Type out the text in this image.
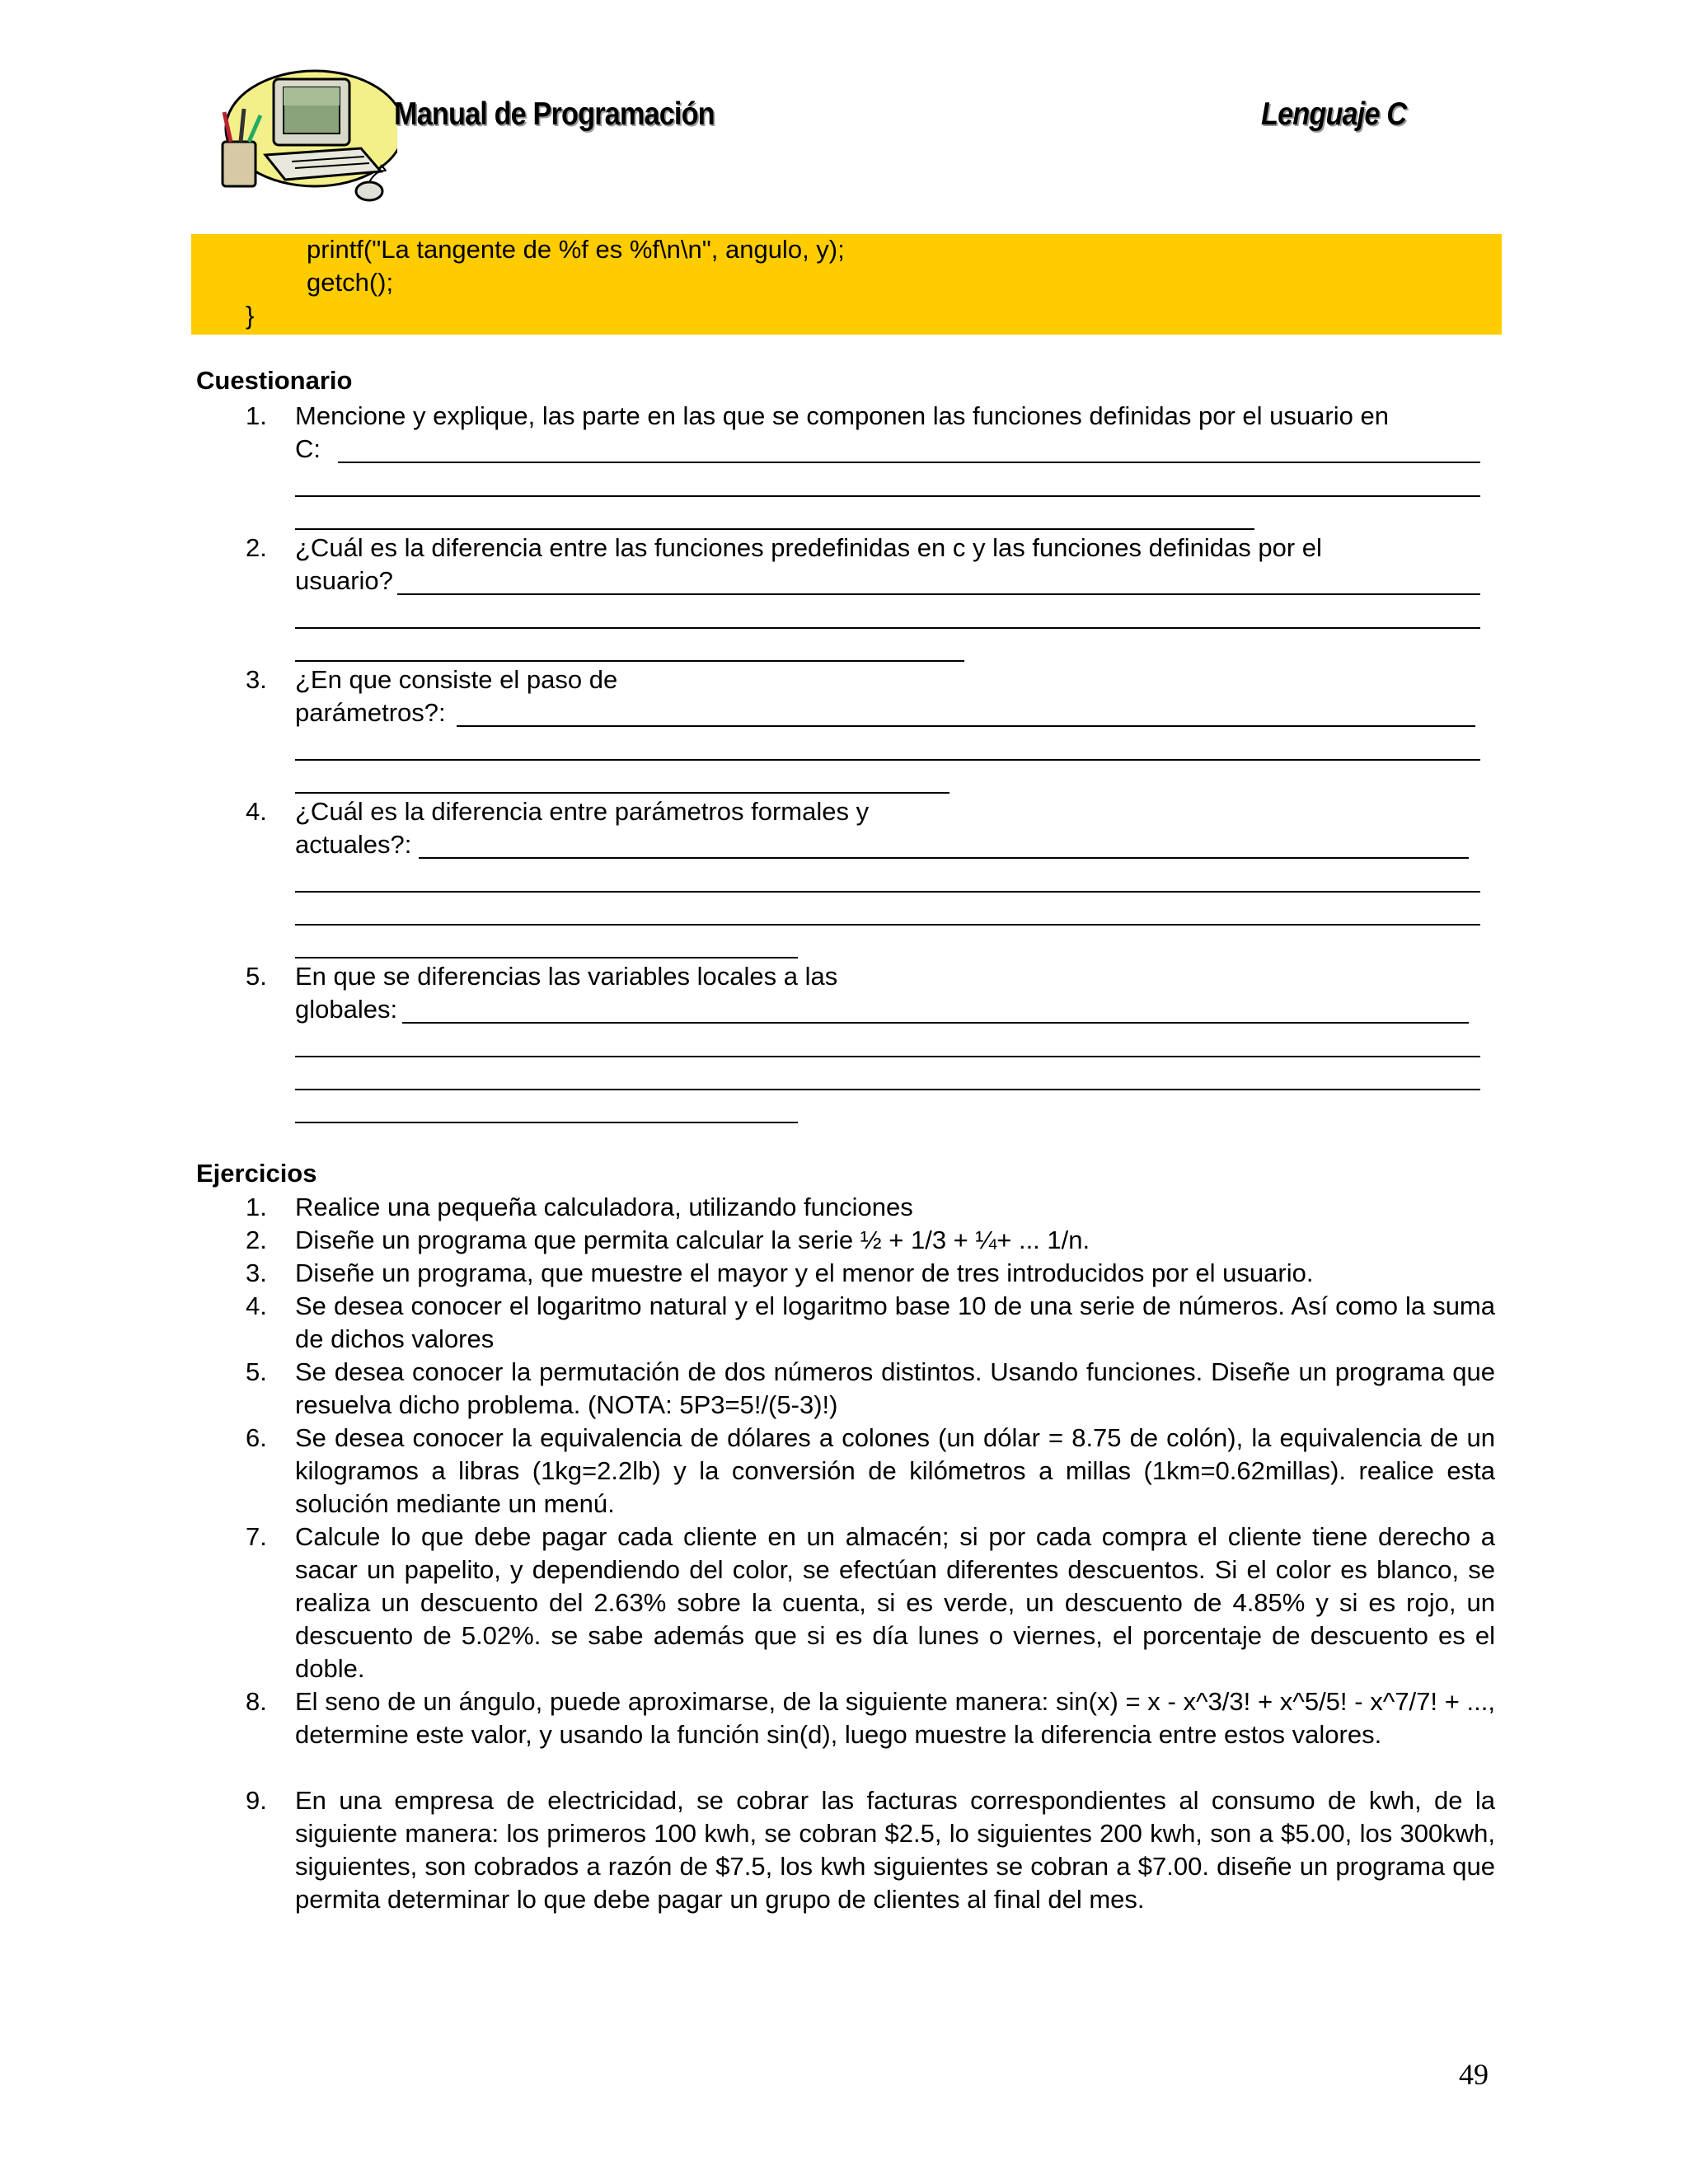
Manual de Programación	Lenguaje C
printf("La tangente de %f es %f\n\n", angulo, y);
getch();
}
Cuestionario
1. Mencione y explique, las parte en las que se componen las funciones definidas por el usuario en
C:
2. ¿Cuál es la diferencia entre las funciones predefinidas en c y las funciones definidas por el
usuario?
3. ¿En que consiste el paso de
parámetros?:
4. ¿Cuál es la diferencia entre parámetros formales y
actuales?:
5. En que se diferencias las variables locales a las
globales:
Ejercicios
1. Realice una pequeña calculadora, utilizando funciones
2. Diseñe un programa que permita calcular la serie ½ + 1/3 + ¼+ ... 1/n.
3. Diseñe un programa, que muestre el mayor y el menor de tres introducidos por el usuario.
4. Se desea conocer el logaritmo natural y el logaritmo base 10 de una serie de números. Así como la suma de dichos valores
5. Se desea conocer la permutación de dos números distintos. Usando funciones. Diseñe un programa que resuelva dicho problema. (NOTA: 5P3=5!/(5-3)!)
6. Se desea conocer la equivalencia de dólares a colones (un dólar = 8.75 de colón), la equivalencia de un kilogramos a libras (1kg=2.2lb) y la conversión de kilómetros a millas (1km=0.62millas). realice esta solución mediante un menú.
7. Calcule lo que debe pagar cada cliente en un almacén; si por cada compra el cliente tiene derecho a sacar un papelito, y dependiendo del color, se efectúan diferentes descuentos. Si el color es blanco, se realiza un descuento del 2.63% sobre la cuenta, si es verde, un descuento de 4.85% y si es rojo, un descuento de 5.02%. se sabe además que si es día lunes o viernes, el porcentaje de descuento es el doble.
8. El seno de un ángulo, puede aproximarse, de la siguiente manera: sin(x) = x - x^3/3! + x^5/5! - x^7/7! + ..., determine este valor, y usando la función sin(d), luego muestre la diferencia entre estos valores.
9. En una empresa de electricidad, se cobrar las facturas correspondientes al consumo de kwh, de la siguiente manera: los primeros 100 kwh, se cobran $2.5, lo siguientes 200 kwh, son a $5.00, los 300kwh, siguientes, son cobrados a razón de $7.5, los kwh siguientes se cobran a $7.00. diseñe un programa que permita determinar lo que debe pagar un grupo de clientes al final del mes.
49
